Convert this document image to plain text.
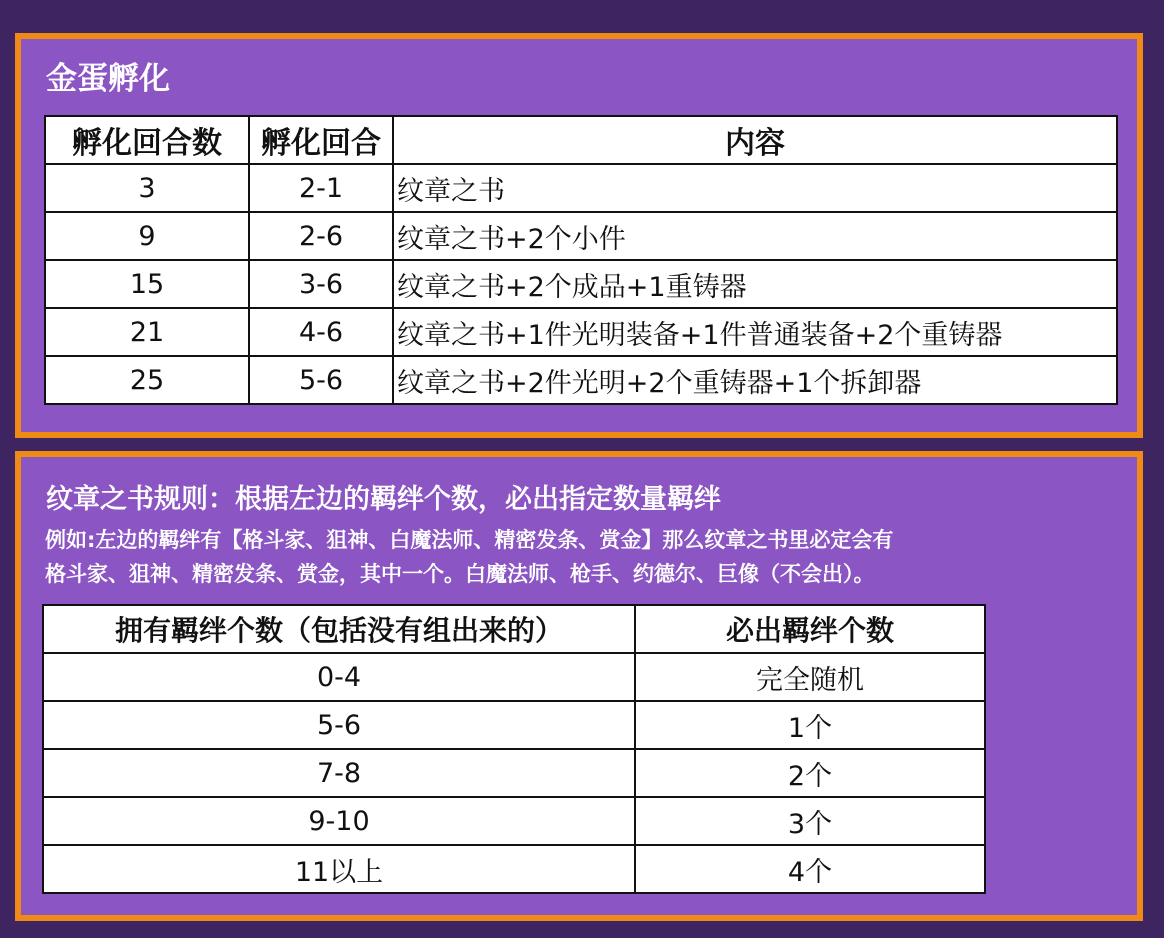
金蛋孵化
孵化回合数	孵化回合	内容
3	2-1	纹章之书
9	2-6	纹章之书+2个小件
15	3-6	纹章之书+2个成品+1重铸器
21	4-6	纹章之书+1件光明装备+1件普通装备+2个重铸器
25	5-6	纹章之书+2件光明+2个重铸器+1个拆卸器
纹章之书规则：根据左边的羁绊个数，必出指定数量羁绊
例如:左边的羁绊有【格斗家、狙神、白魔法师、精密发条、赏金】那么纹章之书里必定会有
格斗家、狙神、精密发条、赏金，其中一个。白魔法师、枪手、约德尔、巨像（不会出）。
拥有羁绊个数（包括没有组出来的）	必出羁绊个数
0-4	完全随机
5-6	1个
7-8	2个
9-10	3个
11以上	4个
